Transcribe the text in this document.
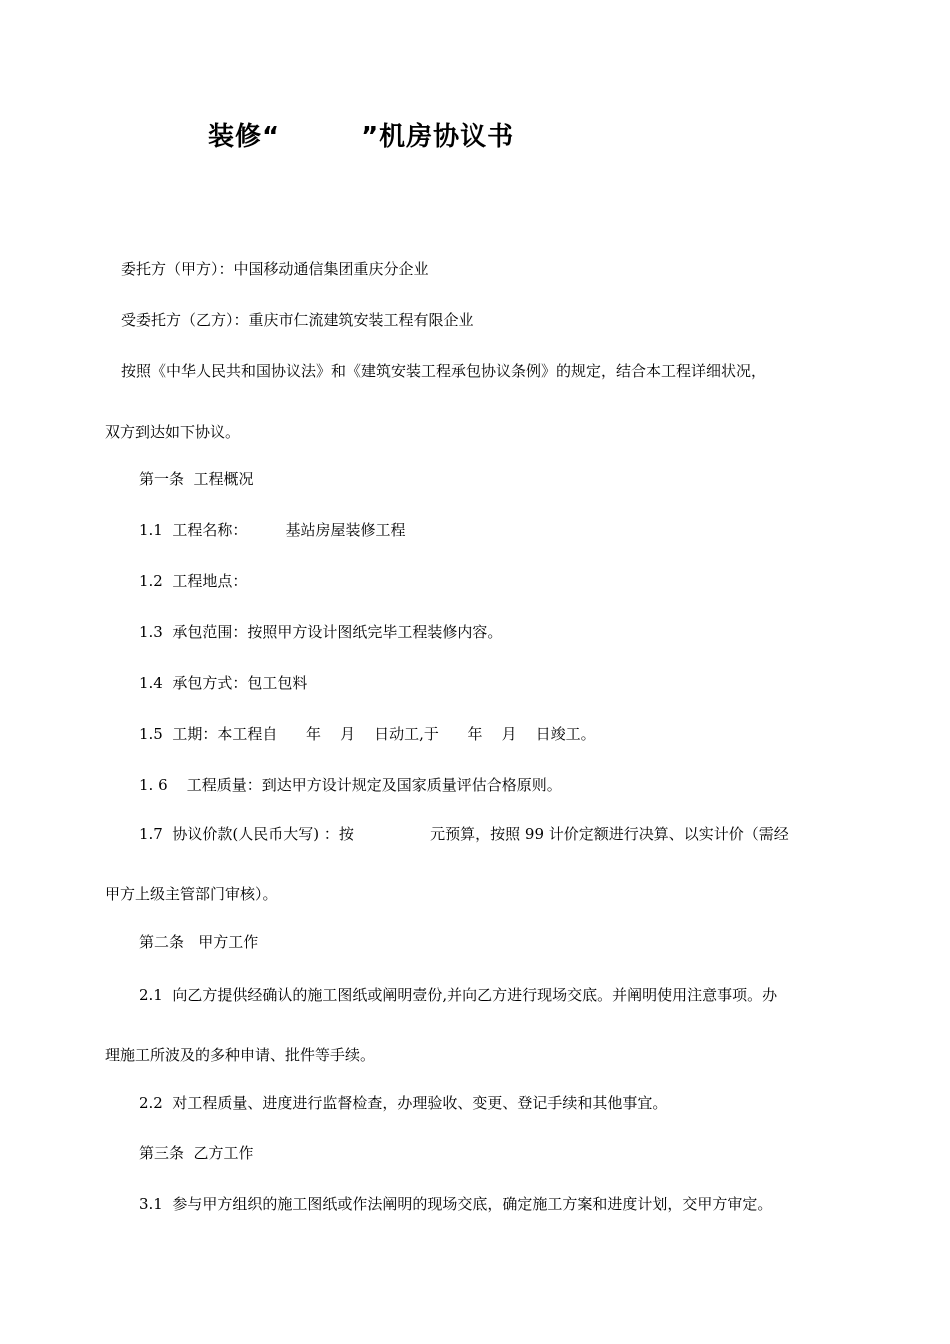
装修“　　　”机房协议书
委托方（甲方）：中国移动通信集团重庆分企业
受委托方（乙方）：重庆市仁流建筑安装工程有限企业
按照《中华人民共和国协议法》和《建筑安装工程承包协议条例》的规定，结合本工程详细状况，
双方到达如下协议。
第一条  工程概况
1.1  工程名称：        基站房屋装修工程
1.2  工程地点：
1.3  承包范围：按照甲方设计图纸完毕工程装修内容。
1.4  承包方式：包工包料
1.5  工期：本工程自      年    月    日动工,于      年    月    日竣工。
1. 6    工程质量：到达甲方设计规定及国家质量评估合格原则。
1.7  协议价款(人民币大写) ：按                元预算，按照 99 计价定额进行决算、以实计价（需经
甲方上级主管部门审核）。
第二条   甲方工作
2.1  向乙方提供经确认的施工图纸或阐明壹份,并向乙方进行现场交底。并阐明使用注意事项。办
理施工所波及的多种申请、批件等手续。
2.2  对工程质量、进度进行监督检查，办理验收、变更、登记手续和其他事宜。
第三条  乙方工作
3.1  参与甲方组织的施工图纸或作法阐明的现场交底，确定施工方案和进度计划，交甲方审定。
